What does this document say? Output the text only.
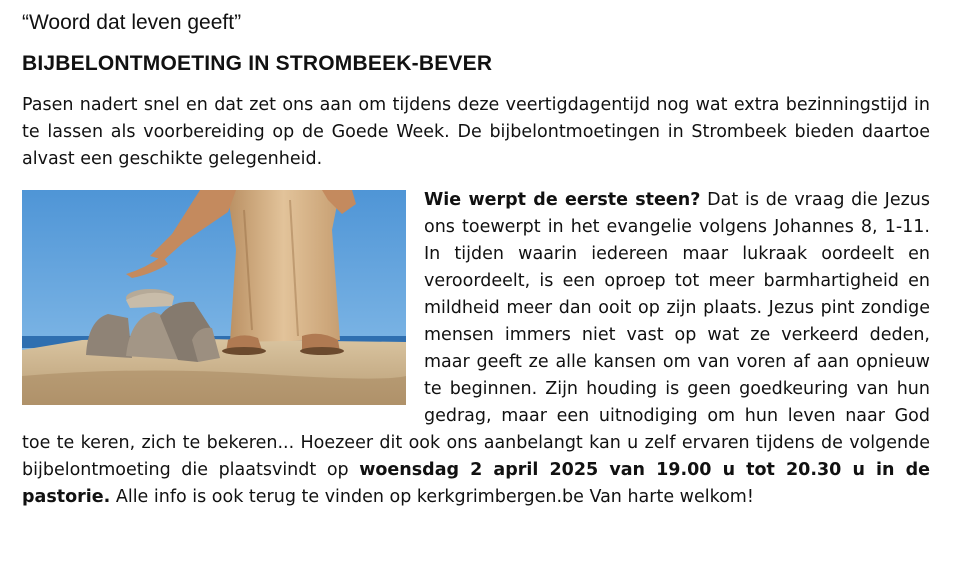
“Woord dat leven geeft”

BIJBELONTMOETING IN STROMBEEK-BEVER

Pasen nadert snel en dat zet ons aan om tijdens deze veertigdagentijd nog wat extra bezinningstijd in te lassen als voorbereiding op de Goede Week. De bijbelontmoetingen in Strombeek bieden daartoe alvast een geschikte gelegenheid.

Wie werpt de eerste steen? Dat is de vraag die Jezus ons toewerpt in het evangelie volgens Johannes 8, 1-11. In tijden waarin iedereen maar lukraak oordeelt en veroordeelt, is een oproep tot meer barmhartigheid en mildheid meer dan ooit op zijn plaats. Jezus pint zondige mensen immers niet vast op wat ze verkeerd deden, maar geeft ze alle kansen om van voren af aan opnieuw te beginnen. Zijn houding is geen goedkeuring van hun gedrag, maar een uitnodiging om hun leven naar God toe te keren, zich te bekeren... Hoezeer dit ook ons aanbelangt kan u zelf ervaren tijdens de volgende bijbelontmoeting die plaatsvindt op woensdag 2 april 2025 van 19.00 u tot 20.30 u in de pastorie. Alle info is ook terug te vinden op kerkgrimbergen.be Van harte welkom!
